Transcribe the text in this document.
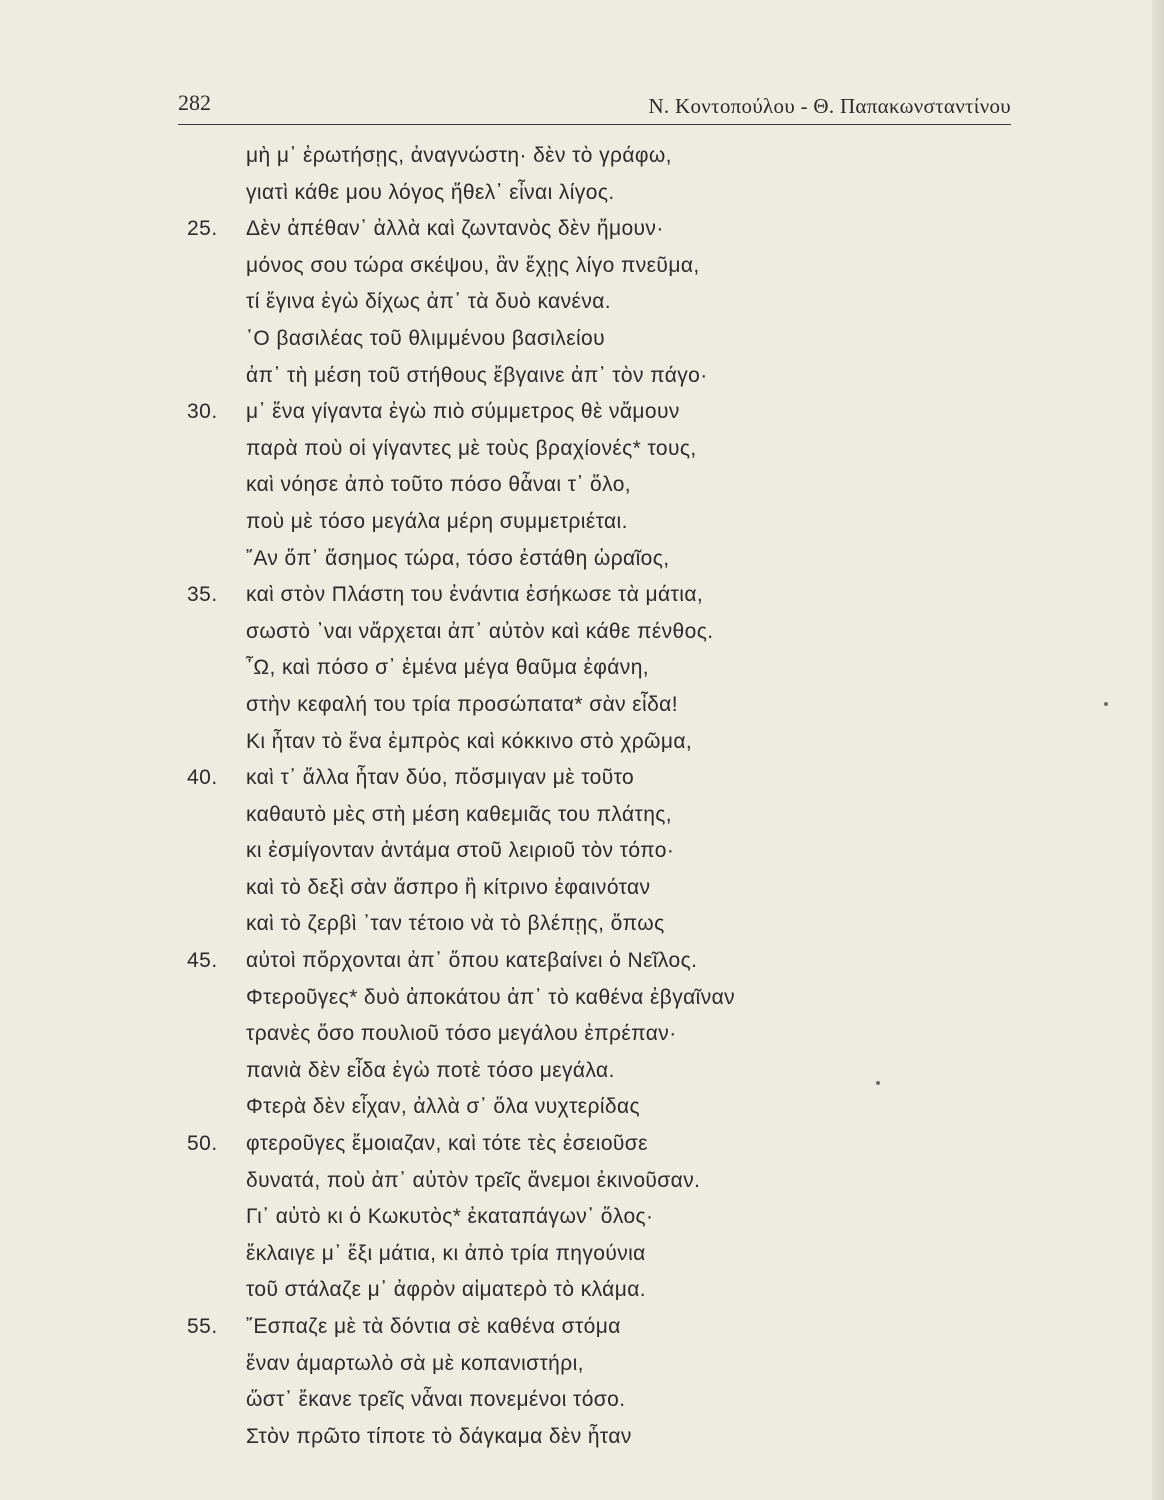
282	Ν. Κοντοπούλου - Θ. Παπακωνσταντίνου
μὴ μ᾽ ἐρωτήσῃς, ἀναγνώστη· δὲν τὸ γράφω,
γιατὶ κάθε μου λόγος ἤθελ᾽ εἶναι λίγος.
25. Δὲν ἀπέθαν᾽ ἀλλὰ καὶ ζωντανὸς δὲν ἤμουν·
μόνος σου τώρα σκέψου, ἂν ἔχῃς λίγο πνεῦμα,
τί ἔγινα ἐγὼ δίχως ἀπ᾽ τὰ δυὸ κανένα.
῾Ο βασιλέας τοῦ θλιμμένου βασιλείου
ἀπ᾽ τὴ μέση τοῦ στήθους ἔβγαινε ἀπ᾽ τὸν πάγο·
30. μ᾽ ἕνα γίγαντα ἐγὼ πιὸ σύμμετρος θὲ νἄμουν
παρὰ ποὺ οἱ γίγαντες μὲ τοὺς βραχίονές* τους,
καὶ νόησε ἀπὸ τοῦτο πόσο θἆναι τ᾽ ὅλο,
ποὺ μὲ τόσο μεγάλα μέρη συμμετριέται.
῎Αν ὅπ᾽ ἄσημος τώρα, τόσο ἐστάθη ὡραῖος,
35. καὶ στὸν Πλάστη του ἐνάντια ἐσήκωσε τὰ μάτια,
σωστὸ ᾽ναι νἄρχεται ἀπ᾽ αὐτὸν καὶ κάθε πένθος.
῏Ω, καὶ πόσο σ᾽ ἐμένα μέγα θαῦμα ἐφάνη,
στὴν κεφαλή του τρία προσώπατα* σὰν εἶδα!
Κι ἦταν τὸ ἕνα ἐμπρὸς καὶ κόκκινο στὸ χρῶμα,
40. καὶ τ᾽ ἄλλα ἦταν δύο, πὄσμιγαν μὲ τοῦτο
καθαυτὸ μὲς στὴ μέση καθεμιᾶς του πλάτης,
κι ἐσμίγονταν ἀντάμα στοῦ λειριοῦ τὸν τόπο·
καὶ τὸ δεξὶ σὰν ἄσπρο ἢ κίτρινο ἐφαινόταν
καὶ τὸ ζερβὶ ᾽ταν τέτοιο νὰ τὸ βλέπῃς, ὅπως
45. αὐτοὶ πὄρχονται ἀπ᾽ ὅπου κατεβαίνει ὁ Νεῖλος.
Φτεροῦγες* δυὸ ἀποκάτου ἀπ᾽ τὸ καθένα ἐβγαῖναν
τρανὲς ὅσο πουλιοῦ τόσο μεγάλου ἐπρέπαν·
πανιὰ δὲν εἶδα ἐγὼ ποτὲ τόσο μεγάλα.
Φτερὰ δὲν εἶχαν, ἀλλὰ σ᾽ ὅλα νυχτερίδας
50. φτεροῦγες ἔμοιαζαν, καὶ τότε τὲς ἐσειοῦσε
δυνατά, ποὺ ἀπ᾽ αὐτὸν τρεῖς ἄνεμοι ἐκινοῦσαν.
Γι᾽ αὐτὸ κι ὁ Κωκυτὸς* ἐκαταπάγων᾽ ὅλος·
ἔκλαιγε μ᾽ ἕξι μάτια, κι ἀπὸ τρία πηγούνια
τοῦ στάλαζε μ᾽ ἀφρὸν αἱματερὸ τὸ κλάμα.
55. ῎Εσπαζε μὲ τὰ δόντια σὲ καθένα στόμα
ἕναν ἁμαρτωλὸ σὰ μὲ κοπανιστήρι,
ὥστ᾽ ἔκανε τρεῖς νἆναι πονεμένοι τόσο.
Στὸν πρῶτο τίποτε τὸ δάγκαμα δὲν ἦταν
